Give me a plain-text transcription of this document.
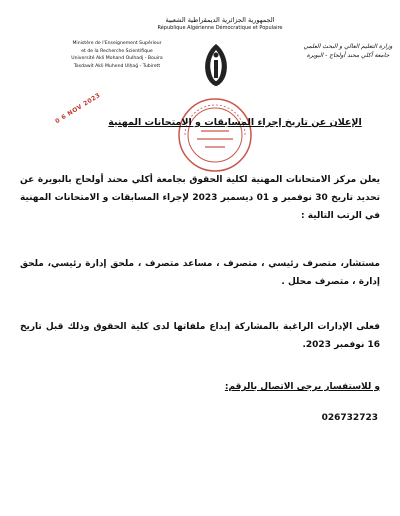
الجمهورية الجزائرية الديمقراطية الشعبية
République Algérienne Démocratique et Populaire
Ministère de l'Enseignement Supérieur
et de la Recherche Scientifique
Université Akli Mohand Oulhadj - Bouira
Tasdawit Akli Muhend Ulḥağ - Tubirett
وزارة التعليم العالي و البحث العلمي
جامعة أكلي محند أولحاج - البويرة
0 6 NOV 2023 الإعلان عن تاريخ إجراء المسابقات و الامتحانات المهنية
يعلن مركز الامتحانات المهنية لكلية الحقوق بجامعة أكلي محند أولحاج بالبويرة عن تحديد تاريخ 30 نوفمبر و 01 ديسمبر 2023 لإجراء المسابقات و الامتحانات المهنية في الرتب التالية :
مستشار، متصرف رئيسي ، متصرف ، مساعد متصرف ، ملحق إدارة رئيسي، ملحق إدارة ، متصرف محلل .
فعلى الإدارات الراغبة بالمشاركة إيداع ملفاتها لدى كلية الحقوق وذلك قبل تاريخ 16 نوفمبر 2023.
و للاستفسار يرجى الاتصال بالرقم:
026732723
